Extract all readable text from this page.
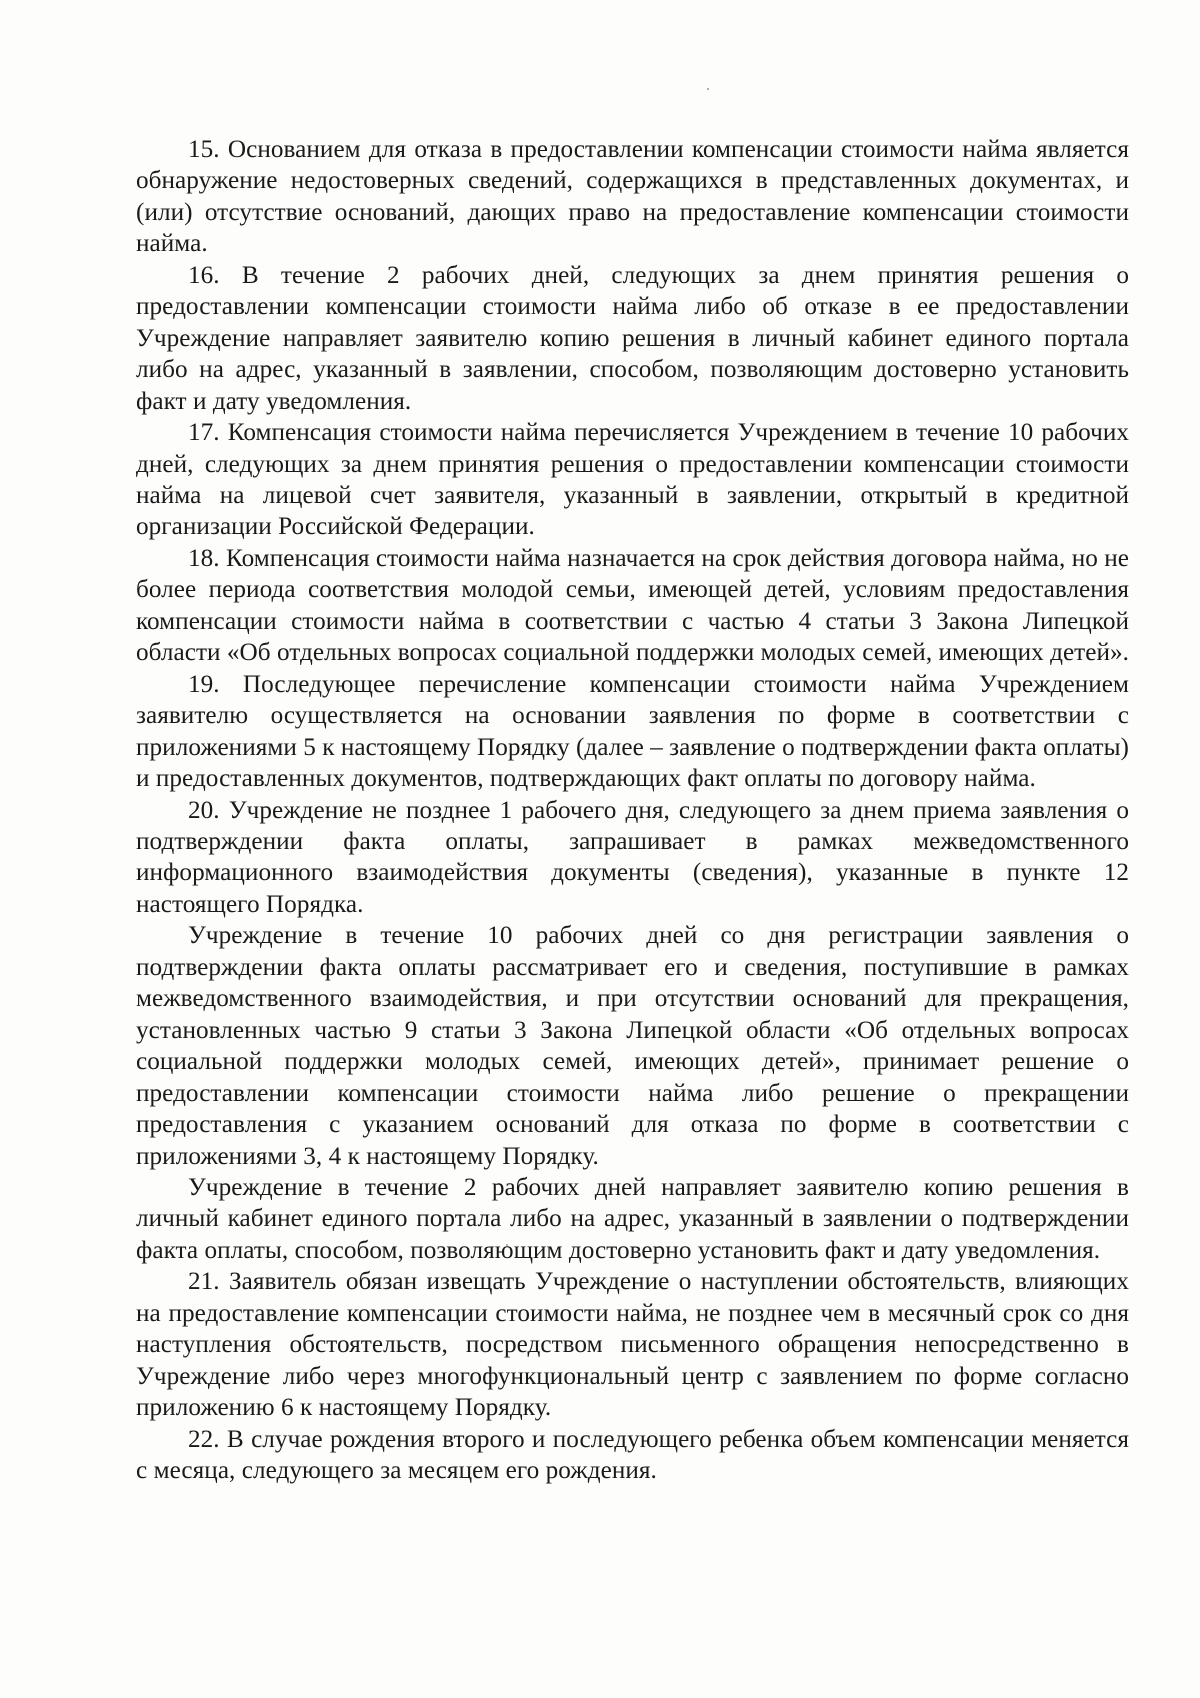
15. Основанием для отказа в предоставлении компенсации стоимости найма является обнаружение недостоверных сведений, содержащихся в представленных документах, и (или) отсутствие оснований, дающих право на предоставление компенсации стоимости найма.

16. В течение 2 рабочих дней, следующих за днем принятия решения о предоставлении компенсации стоимости найма либо об отказе в ее предоставлении Учреждение направляет заявителю копию решения в личный кабинет единого портала либо на адрес, указанный в заявлении, способом, позволяющим достоверно установить факт и дату уведомления.

17. Компенсация стоимости найма перечисляется Учреждением в течение 10 рабочих дней, следующих за днем принятия решения о предоставлении компенсации стоимости найма на лицевой счет заявителя, указанный в заявлении, открытый в кредитной организации Российской Федерации.

18. Компенсация стоимости найма назначается на срок действия договора найма, но не более периода соответствия молодой семьи, имеющей детей, условиям предоставления компенсации стоимости найма в соответствии с частью 4 статьи 3 Закона Липецкой области «Об отдельных вопросах социальной поддержки молодых семей, имеющих детей».

19. Последующее перечисление компенсации стоимости найма Учреждением заявителю осуществляется на основании заявления по форме в соответствии с приложениями 5 к настоящему Порядку (далее – заявление о подтверждении факта оплаты) и предоставленных документов, подтверждающих факт оплаты по договору найма.

20. Учреждение не позднее 1 рабочего дня, следующего за днем приема заявления о подтверждении факта оплаты, запрашивает в рамках межведомственного информационного взаимодействия документы (сведения), указанные в пункте 12 настоящего Порядка.

Учреждение в течение 10 рабочих дней со дня регистрации заявления о подтверждении факта оплаты рассматривает его и сведения, поступившие в рамках межведомственного взаимодействия, и при отсутствии оснований для прекращения, установленных частью 9 статьи 3 Закона Липецкой области «Об отдельных вопросах социальной поддержки молодых семей, имеющих детей», принимает решение о предоставлении компенсации стоимости найма либо решение о прекращении предоставления с указанием оснований для отказа по форме в соответствии с приложениями 3, 4 к настоящему Порядку.

Учреждение в течение 2 рабочих дней направляет заявителю копию решения в личный кабинет единого портала либо на адрес, указанный в заявлении о подтверждении факта оплаты, способом, позволяющим достоверно установить факт и дату уведомления.

21. Заявитель обязан извещать Учреждение о наступлении обстоятельств, влияющих на предоставление компенсации стоимости найма, не позднее чем в месячный срок со дня наступления обстоятельств, посредством письменного обращения непосредственно в Учреждение либо через многофункциональный центр с заявлением по форме согласно приложению 6 к настоящему Порядку.

22. В случае рождения второго и последующего ребенка объем компенсации меняется с месяца, следующего за месяцем его рождения.
